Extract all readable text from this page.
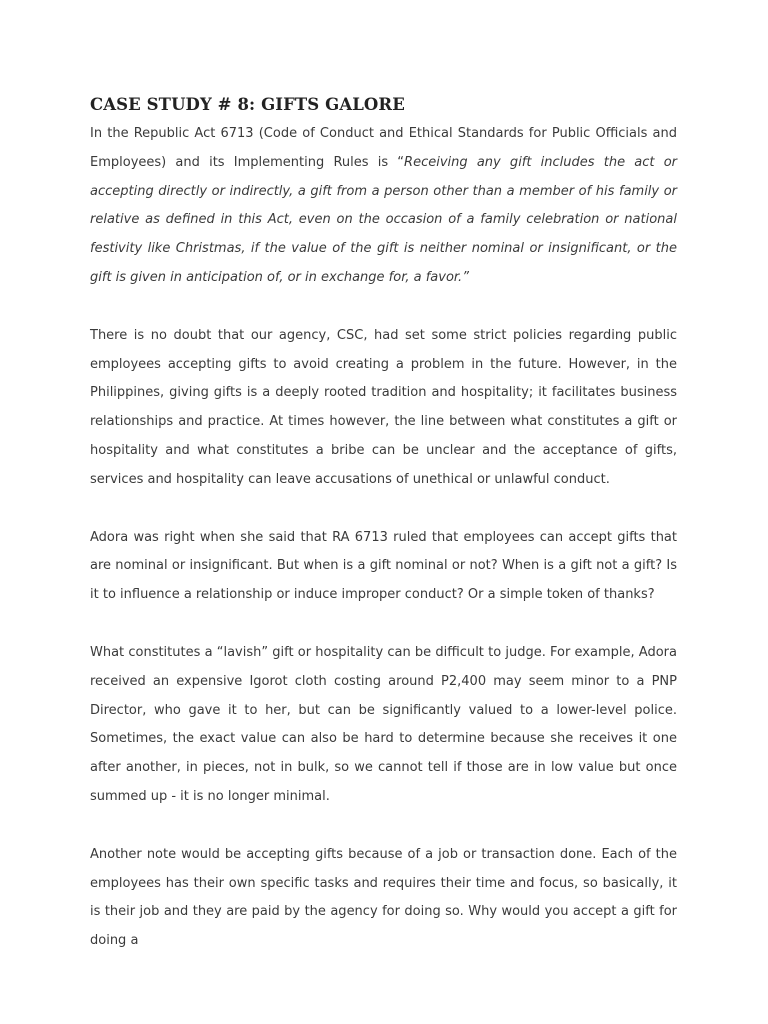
CASE STUDY # 8: GIFTS GALORE

In the Republic Act 6713 (Code of Conduct and Ethical Standards for Public Officials and Employees) and its Implementing Rules is “Receiving any gift includes the act or accepting directly or indirectly, a gift from a person other than a member of his family or relative as defined in this Act, even on the occasion of a family celebration or national festivity like Christmas, if the value of the gift is neither nominal or insignificant, or the gift is given in anticipation of, or in exchange for, a favor.”

There is no doubt that our agency, CSC, had set some strict policies regarding public employees accepting gifts to avoid creating a problem in the future. However, in the Philippines, giving gifts is a deeply rooted tradition and hospitality; it facilitates business relationships and practice. At times however, the line between what constitutes a gift or hospitality and what constitutes a bribe can be unclear and the acceptance of gifts, services and hospitality can leave accusations of unethical or unlawful conduct.

Adora was right when she said that RA 6713 ruled that employees can accept gifts that are nominal or insignificant. But when is a gift nominal or not? When is a gift not a gift? Is it to influence a relationship or induce improper conduct? Or a simple token of thanks?

What constitutes a “lavish” gift or hospitality can be difficult to judge. For example, Adora received an expensive Igorot cloth costing around P2,400 may seem minor to a PNP Director, who gave it to her, but can be significantly valued to a lower-level police. Sometimes, the exact value can also be hard to determine because she receives it one after another, in pieces, not in bulk, so we cannot tell if those are in low value but once summed up - it is no longer minimal.

Another note would be accepting gifts because of a job or transaction done. Each of the employees has their own specific tasks and requires their time and focus, so basically, it is their job and they are paid by the agency for doing so. Why would you accept a gift for doing a
